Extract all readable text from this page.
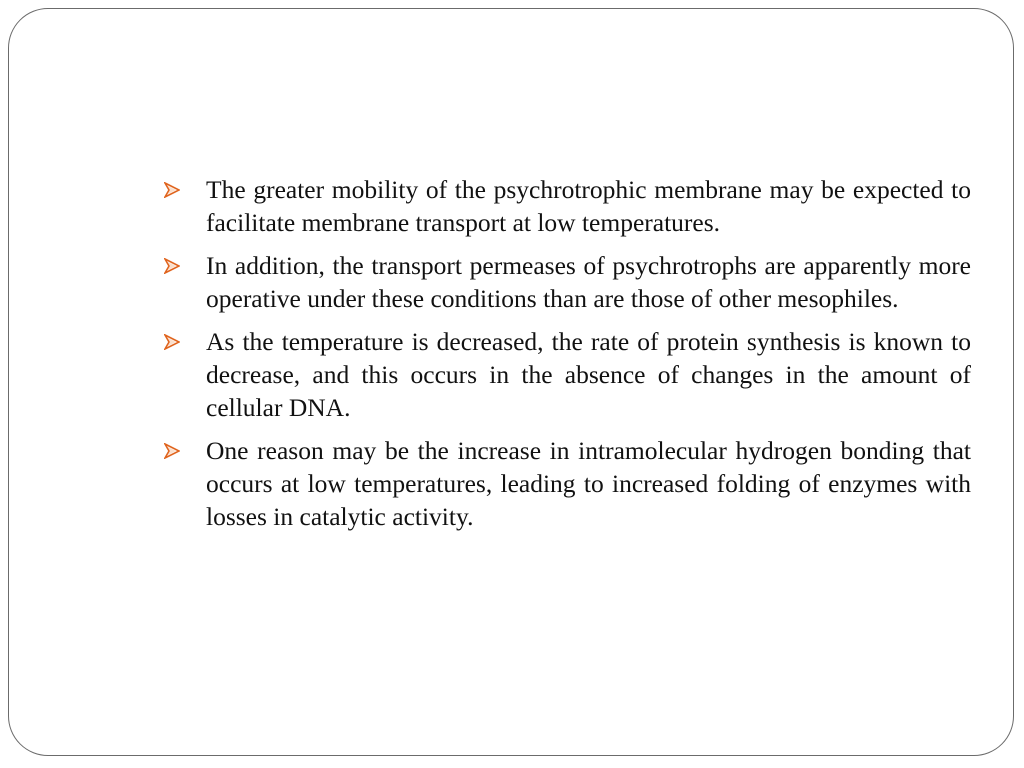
The greater mobility of the psychrotrophic membrane may be expected to facilitate membrane transport at low temperatures.
In addition, the transport permeases of psychrotrophs are apparently more operative under these conditions than are those of other mesophiles.
As the temperature is decreased, the rate of protein synthesis is known to decrease, and this occurs in the absence of changes in the amount of cellular DNA.
One reason may be the increase in intramolecular hydrogen bonding that occurs at low temperatures, leading to increased folding of enzymes with losses in catalytic activity.
